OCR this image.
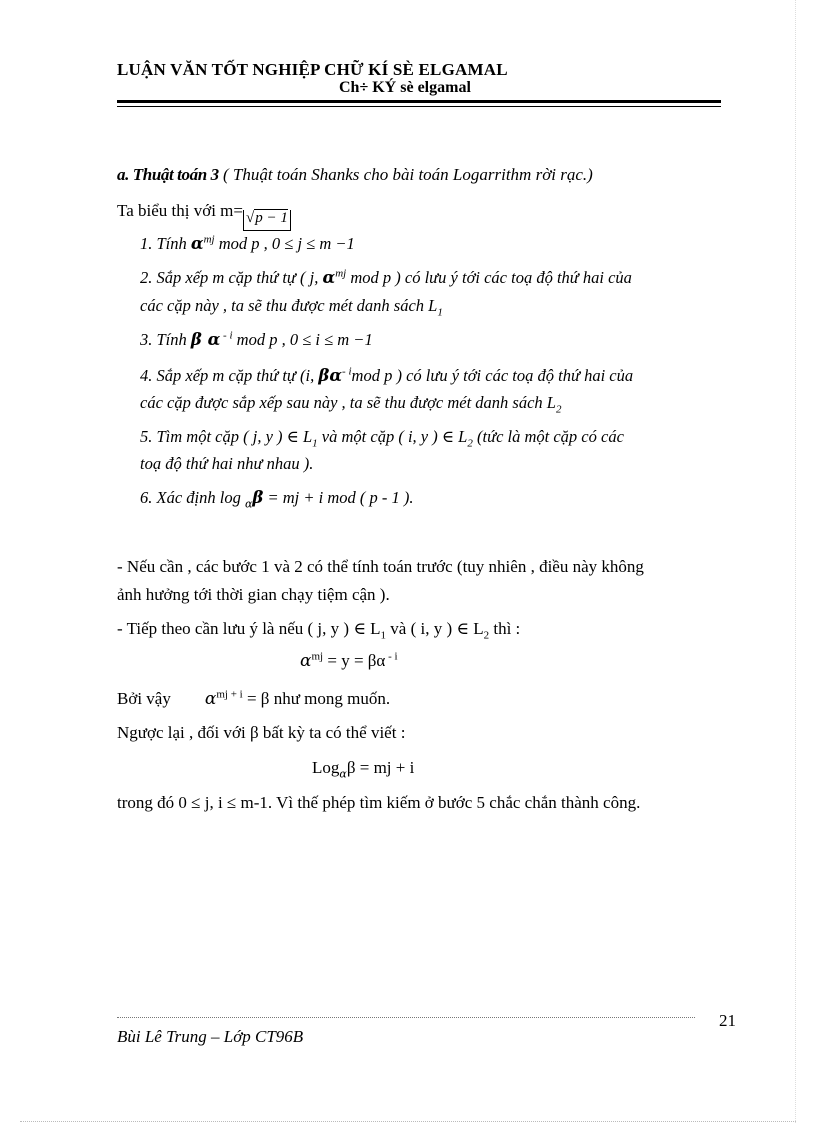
LUẬN VĂN TỐT NGHIỆP CHỮ KÍ SÈ ELGAMAL
Ch÷ KÝ sè elgamal
a. Thuật toán 3 ( Thuật toán Shanks cho bài toán Logarrithm rời rạc.)
Ta biểu thị với m= √p − 1
1. Tính $\alpha^{mj}$ mod p , 0 ≤ j ≤ m −1
2. Sắp xếp m cặp thứ tự ( j, $\alpha^{mj}$ mod p ) có lưu ý tới các toạ độ thứ hai của
các cặp này , ta sẽ thu được mét danh sách $L_1$
3. Tính β α $^{- i}$ mod p , 0 ≤ i ≤ m −1
4. Sắp xếp m cặp thứ tự (i, $\beta\alpha^{- i}mod$ p ) có lưu ý tới các toạ độ thứ hai của
các cặp được sắp xếp sau này , ta sẽ thu được mét danh sách $L_2$
5. Tìm một cặp ( j, y ) ∈ $L_1$ và một cặp ( i, y ) ∈ $L_2$ (tức là một cặp có các
toạ độ thứ hai như nhau ).
6. Xác định log $_\alpha$β = mj + i mod ( p - 1 ).
- Nếu cần , các bước 1 và 2 có thể tính toán trước (tuy nhiên , điều này không
ảnh hưởng tới thời gian chạy tiệm cận ).
- Tiếp theo cần lưu ý là nếu ( j, y ) ∈ $L_1$ và ( i, y ) ∈ $L_2$ thì :
$\alpha^{mj} = y = \beta\alpha$ $^{- i}$
Bởi vậy $\alpha^{mj + i} = \beta$ như mong muốn.
Ngược lại , đối với β bất kỳ ta có thể viết :
Log$_\alpha$β = mj + i
trong đó 0 ≤ j, i ≤ m-1. Vì thế phép tìm kiếm ở bước 5 chắc chắn thành công.
21
Bùi Lê Trung – Lớp CT96B
